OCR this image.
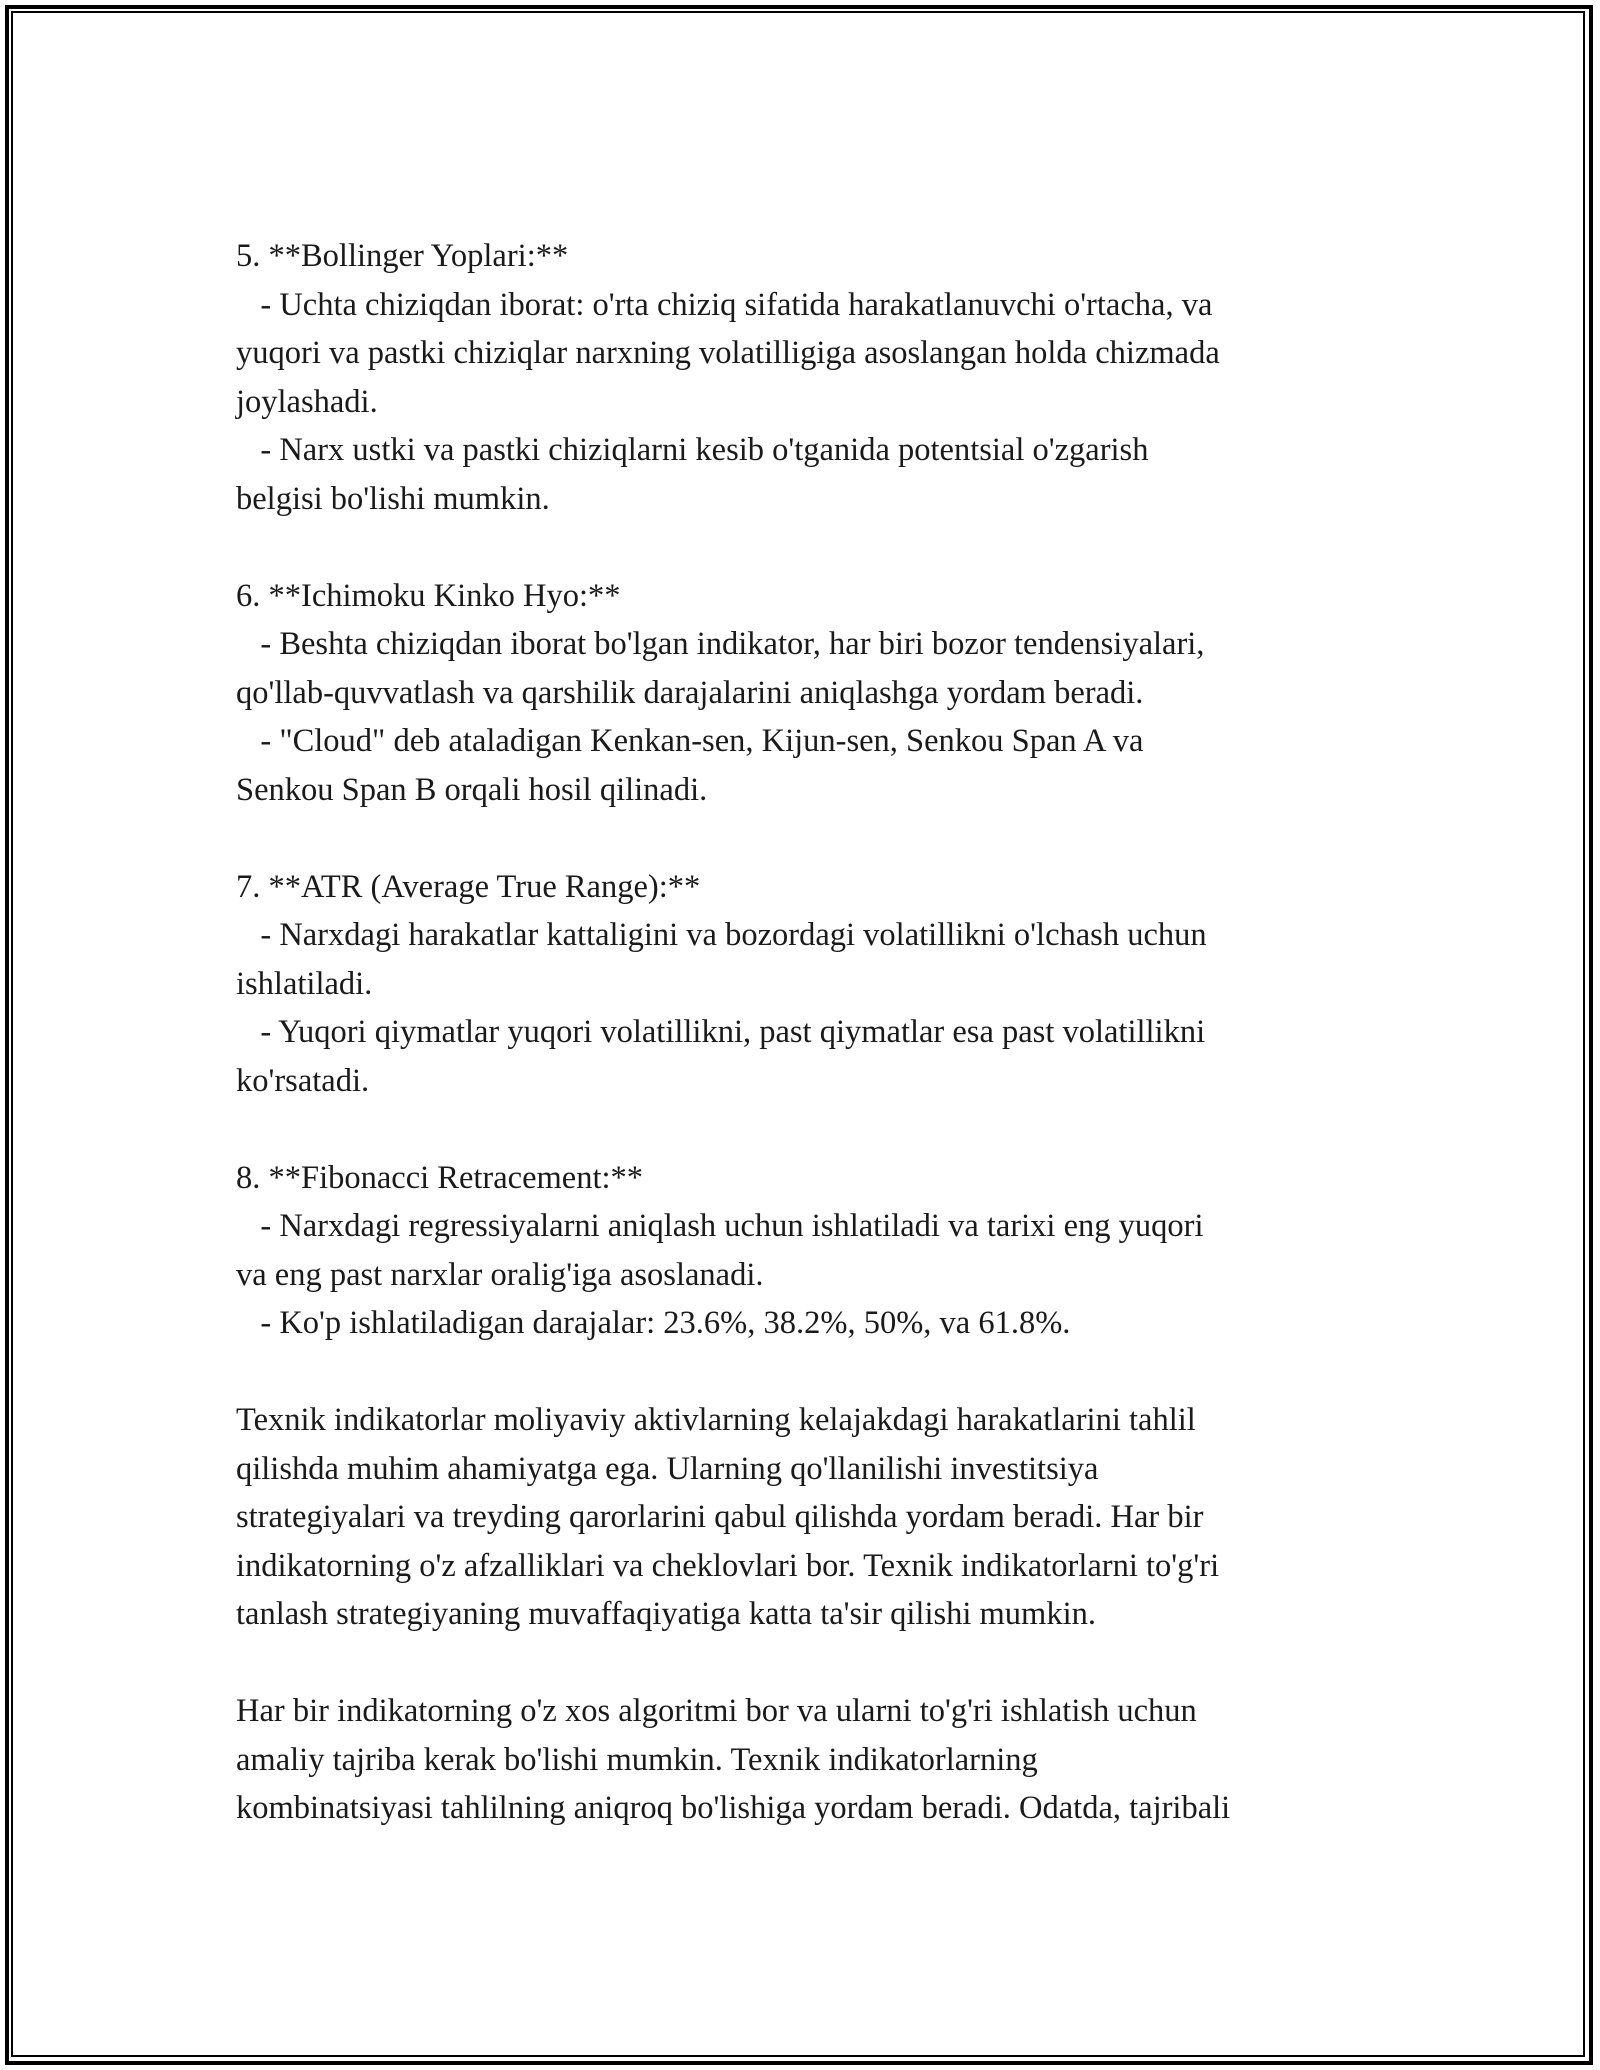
5. **Bollinger Yoplari:**

- Uchta chiziqdan iborat: o'rta chiziq sifatida harakatlanuvchi o'rtacha, va

yuqori va pastki chiziqlar narxning volatilligiga asoslangan holda chizmada

joylashadi.

- Narx ustki va pastki chiziqlarni kesib o'tganida potentsial o'zgarish

belgisi bo'lishi mumkin.

6. **Ichimoku Kinko Hyo:**

- Beshta chiziqdan iborat bo'lgan indikator, har biri bozor tendensiyalari,

qo'llab-quvvatlash va qarshilik darajalarini aniqlashga yordam beradi.

- "Cloud" deb ataladigan Kenkan-sen, Kijun-sen, Senkou Span A va

Senkou Span B orqali hosil qilinadi.

7. **ATR (Average True Range):**

- Narxdagi harakatlar kattaligini va bozordagi volatillikni o'lchash uchun

ishlatiladi.

- Yuqori qiymatlar yuqori volatillikni, past qiymatlar esa past volatillikni

ko'rsatadi.

8. **Fibonacci Retracement:**

- Narxdagi regressiyalarni aniqlash uchun ishlatiladi va tarixi eng yuqori

va eng past narxlar oralig'iga asoslanadi.

- Ko'p ishlatiladigan darajalar: 23.6%, 38.2%, 50%, va 61.8%.

Texnik indikatorlar moliyaviy aktivlarning kelajakdagi harakatlarini tahlil

qilishda muhim ahamiyatga ega. Ularning qo'llanilishi investitsiya

strategiyalari va treyding qarorlarini qabul qilishda yordam beradi. Har bir

indikatorning o'z afzalliklari va cheklovlari bor. Texnik indikatorlarni to'g'ri

tanlash strategiyaning muvaffaqiyatiga katta ta'sir qilishi mumkin.

Har bir indikatorning o'z xos algoritmi bor va ularni to'g'ri ishlatish uchun

amaliy tajriba kerak bo'lishi mumkin. Texnik indikatorlarning

kombinatsiyasi tahlilning aniqroq bo'lishiga yordam beradi. Odatda, tajribali
